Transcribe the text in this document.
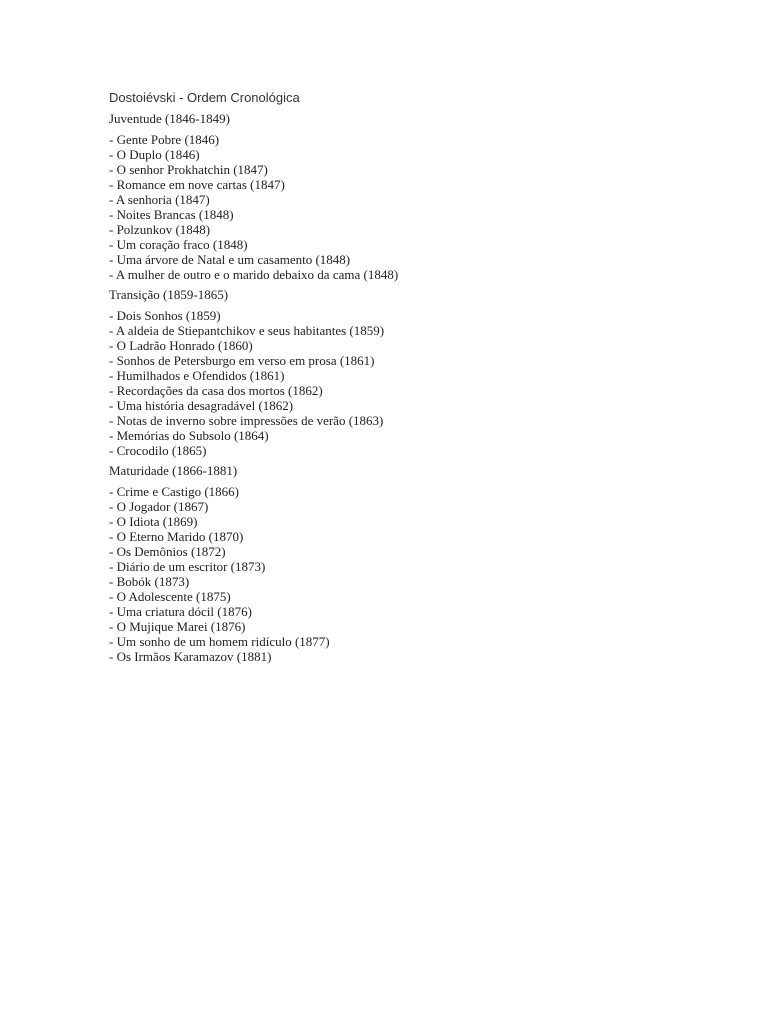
Dostoiévski - Ordem Cronológica
Juventude (1846-1849)
- Gente Pobre (1846)
- O Duplo (1846)
- O senhor Prokhatchin (1847)
- Romance em nove cartas (1847)
- A senhoria (1847)
- Noites Brancas (1848)
- Polzunkov (1848)
- Um coração fraco (1848)
- Uma árvore de Natal e um casamento (1848)
- A mulher de outro e o marido debaixo da cama (1848)
Transição (1859-1865)
- Dois Sonhos (1859)
- A aldeia de Stiepantchikov e seus habitantes (1859)
- O Ladrão Honrado (1860)
- Sonhos de Petersburgo em verso em prosa (1861)
- Humilhados e Ofendidos (1861)
- Recordações da casa dos mortos (1862)
- Uma história desagradável (1862)
- Notas de inverno sobre impressões de verão (1863)
- Memórias do Subsolo (1864)
- Crocodilo (1865)
Maturidade (1866-1881)
- Crime e Castigo (1866)
- O Jogador (1867)
- O Idiota (1869)
- O Eterno Marido (1870)
- Os Demônios (1872)
- Diário de um escritor (1873)
- Bobók (1873)
- O Adolescente (1875)
- Uma criatura dócil (1876)
- O Mujique Marei (1876)
- Um sonho de um homem ridículo (1877)
- Os Irmãos Karamazov (1881)
